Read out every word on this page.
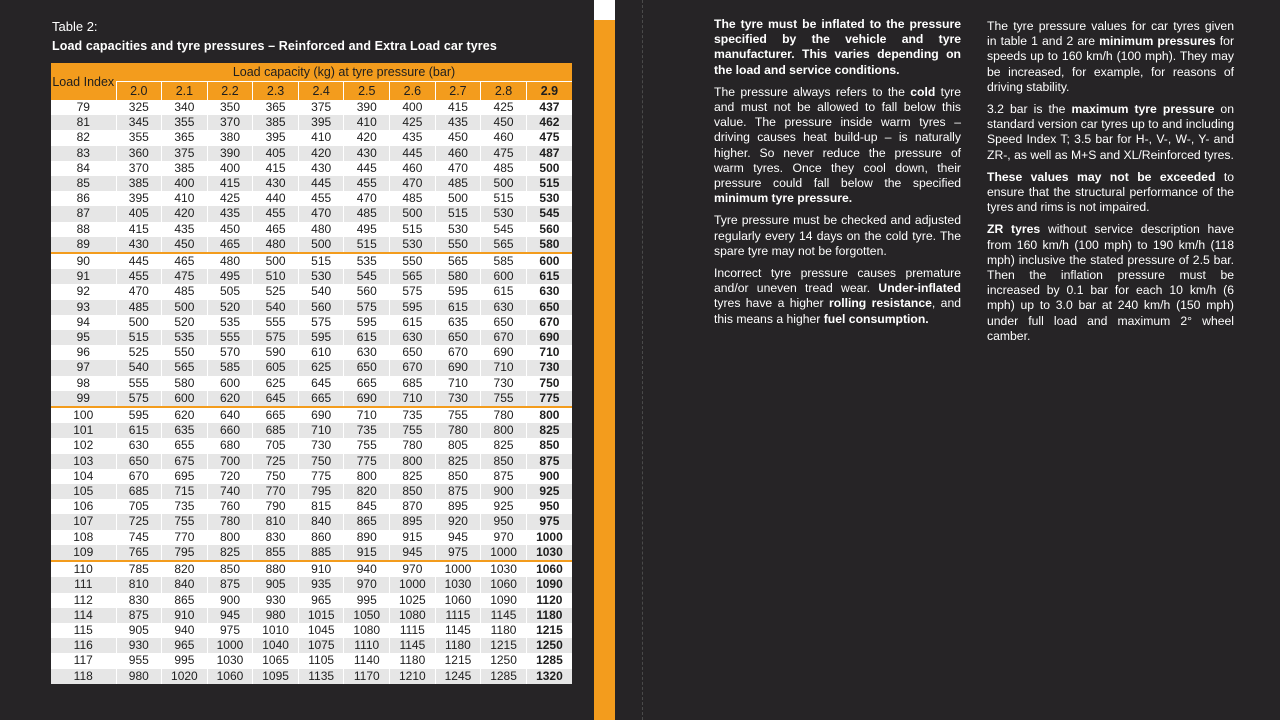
Table 2:
Load capacities and tyre pressures – Reinforced and Extra Load car tyres
Load Index	Load capacity (kg) at tyre pressure (bar)									
	2.0	2.1	2.2	2.3	2.4	2.5	2.6	2.7	2.8	2.9
79	325	340	350	365	375	390	400	415	425	437
81	345	355	370	385	395	410	425	435	450	462
82	355	365	380	395	410	420	435	450	460	475
83	360	375	390	405	420	430	445	460	475	487
84	370	385	400	415	430	445	460	470	485	500
85	385	400	415	430	445	455	470	485	500	515
86	395	410	425	440	455	470	485	500	515	530
87	405	420	435	455	470	485	500	515	530	545
88	415	435	450	465	480	495	515	530	545	560
89	430	450	465	480	500	515	530	550	565	580
90	445	465	480	500	515	535	550	565	585	600
91	455	475	495	510	530	545	565	580	600	615
92	470	485	505	525	540	560	575	595	615	630
93	485	500	520	540	560	575	595	615	630	650
94	500	520	535	555	575	595	615	635	650	670
95	515	535	555	575	595	615	630	650	670	690
96	525	550	570	590	610	630	650	670	690	710
97	540	565	585	605	625	650	670	690	710	730
98	555	580	600	625	645	665	685	710	730	750
99	575	600	620	645	665	690	710	730	755	775
100	595	620	640	665	690	710	735	755	780	800
101	615	635	660	685	710	735	755	780	800	825
102	630	655	680	705	730	755	780	805	825	850
103	650	675	700	725	750	775	800	825	850	875
104	670	695	720	750	775	800	825	850	875	900
105	685	715	740	770	795	820	850	875	900	925
106	705	735	760	790	815	845	870	895	925	950
107	725	755	780	810	840	865	895	920	950	975
108	745	770	800	830	860	890	915	945	970	1000
109	765	795	825	855	885	915	945	975	1000	1030
110	785	820	850	880	910	940	970	1000	1030	1060
111	810	840	875	905	935	970	1000	1030	1060	1090
112	830	865	900	930	965	995	1025	1060	1090	1120
114	875	910	945	980	1015	1050	1080	1115	1145	1180
115	905	940	975	1010	1045	1080	1115	1145	1180	1215
116	930	965	1000	1040	1075	1110	1145	1180	1215	1250
117	955	995	1030	1065	1105	1140	1180	1215	1250	1285
118	980	1020	1060	1095	1135	1170	1210	1245	1285	1320

The tyre must be inflated to the pressure specified by the vehicle and tyre manufacturer. This varies depending on the load and service conditions.

The pressure always refers to the cold tyre and must not be allowed to fall below this value. The pressure inside warm tyres – driving causes heat build-up – is naturally higher. So never reduce the pressure of warm tyres. Once they cool down, their pressure could fall below the specified minimum tyre pressure.

Tyre pressure must be checked and adjusted regularly every 14 days on the cold tyre. The spare tyre may not be forgotten.

Incorrect tyre pressure causes premature and/or uneven tread wear. Under-inflated tyres have a higher rolling resistance, and this means a higher fuel consumption.

The tyre pressure values for car tyres given in table 1 and 2 are minimum pressures for speeds up to 160 km/h (100 mph). They may be increased, for example, for reasons of driving stability.

3.2 bar is the maximum tyre pressure on standard version car tyres up to and including Speed Index T; 3.5 bar for H-, V-, W-, Y- and ZR-, as well as M+S and XL/Reinforced tyres.

These values may not be exceeded to ensure that the structural performance of the tyres and rims is not impaired.

ZR tyres without service description have from 160 km/h (100 mph) to 190 km/h (118 mph) inclusive the stated pressure of 2.5 bar. Then the inflation pressure must be increased by 0.1 bar for each 10 km/h (6 mph) up to 3.0 bar at 240 km/h (150 mph) under full load and maximum 2° wheel camber.
